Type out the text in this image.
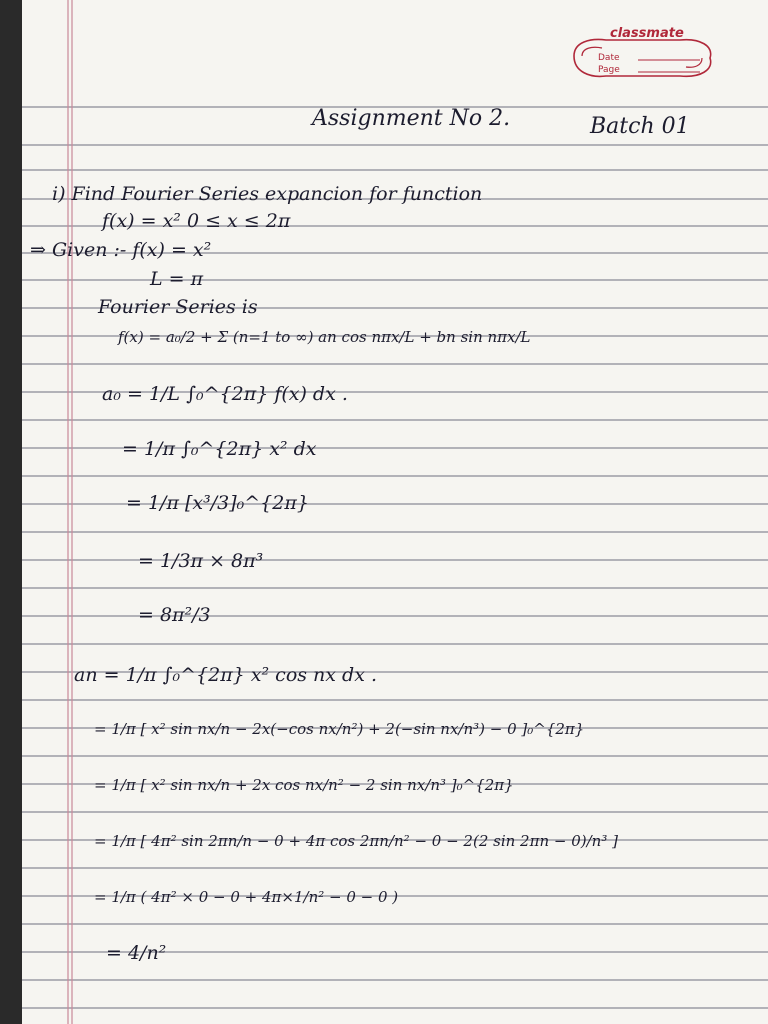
classmate
Date
Page
Assignment No 2.	Batch 01
i) Find Fourier Series expancion for function
f(x) = x² 0 ≤ x ≤ 2π
⇒ Given :- f(x) = x²
L = π
Fourier Series is
f(x) = a₀/2 + Σ (n=1 to ∞) an cos nπx/L + bn sin nπx/L
a₀ = 1/L ∫₀^{2π} f(x) dx .
= 1/π ∫₀^{2π} x² dx
= 1/π [x³/3]₀^{2π}
= 1/3π × 8π³
= 8π²/3
an = 1/π ∫₀^{2π} x² cos nx dx .
= 1/π [ x² sin nx/n − 2x(−cos nx/n²) + 2(−sin nx/n³) − 0 ]₀^{2π}
= 1/π [ x² sin nx/n + 2x cos nx/n² − 2 sin nx/n³ ]₀^{2π}
= 1/π [ 4π² sin 2πn/n − 0 + 4π cos 2πn/n² − 0 − 2(2 sin 2πn − 0)/n³ ]
= 1/π ( 4π² × 0 − 0 + 4π×1/n² − 0 − 0 )
= 4/n²
